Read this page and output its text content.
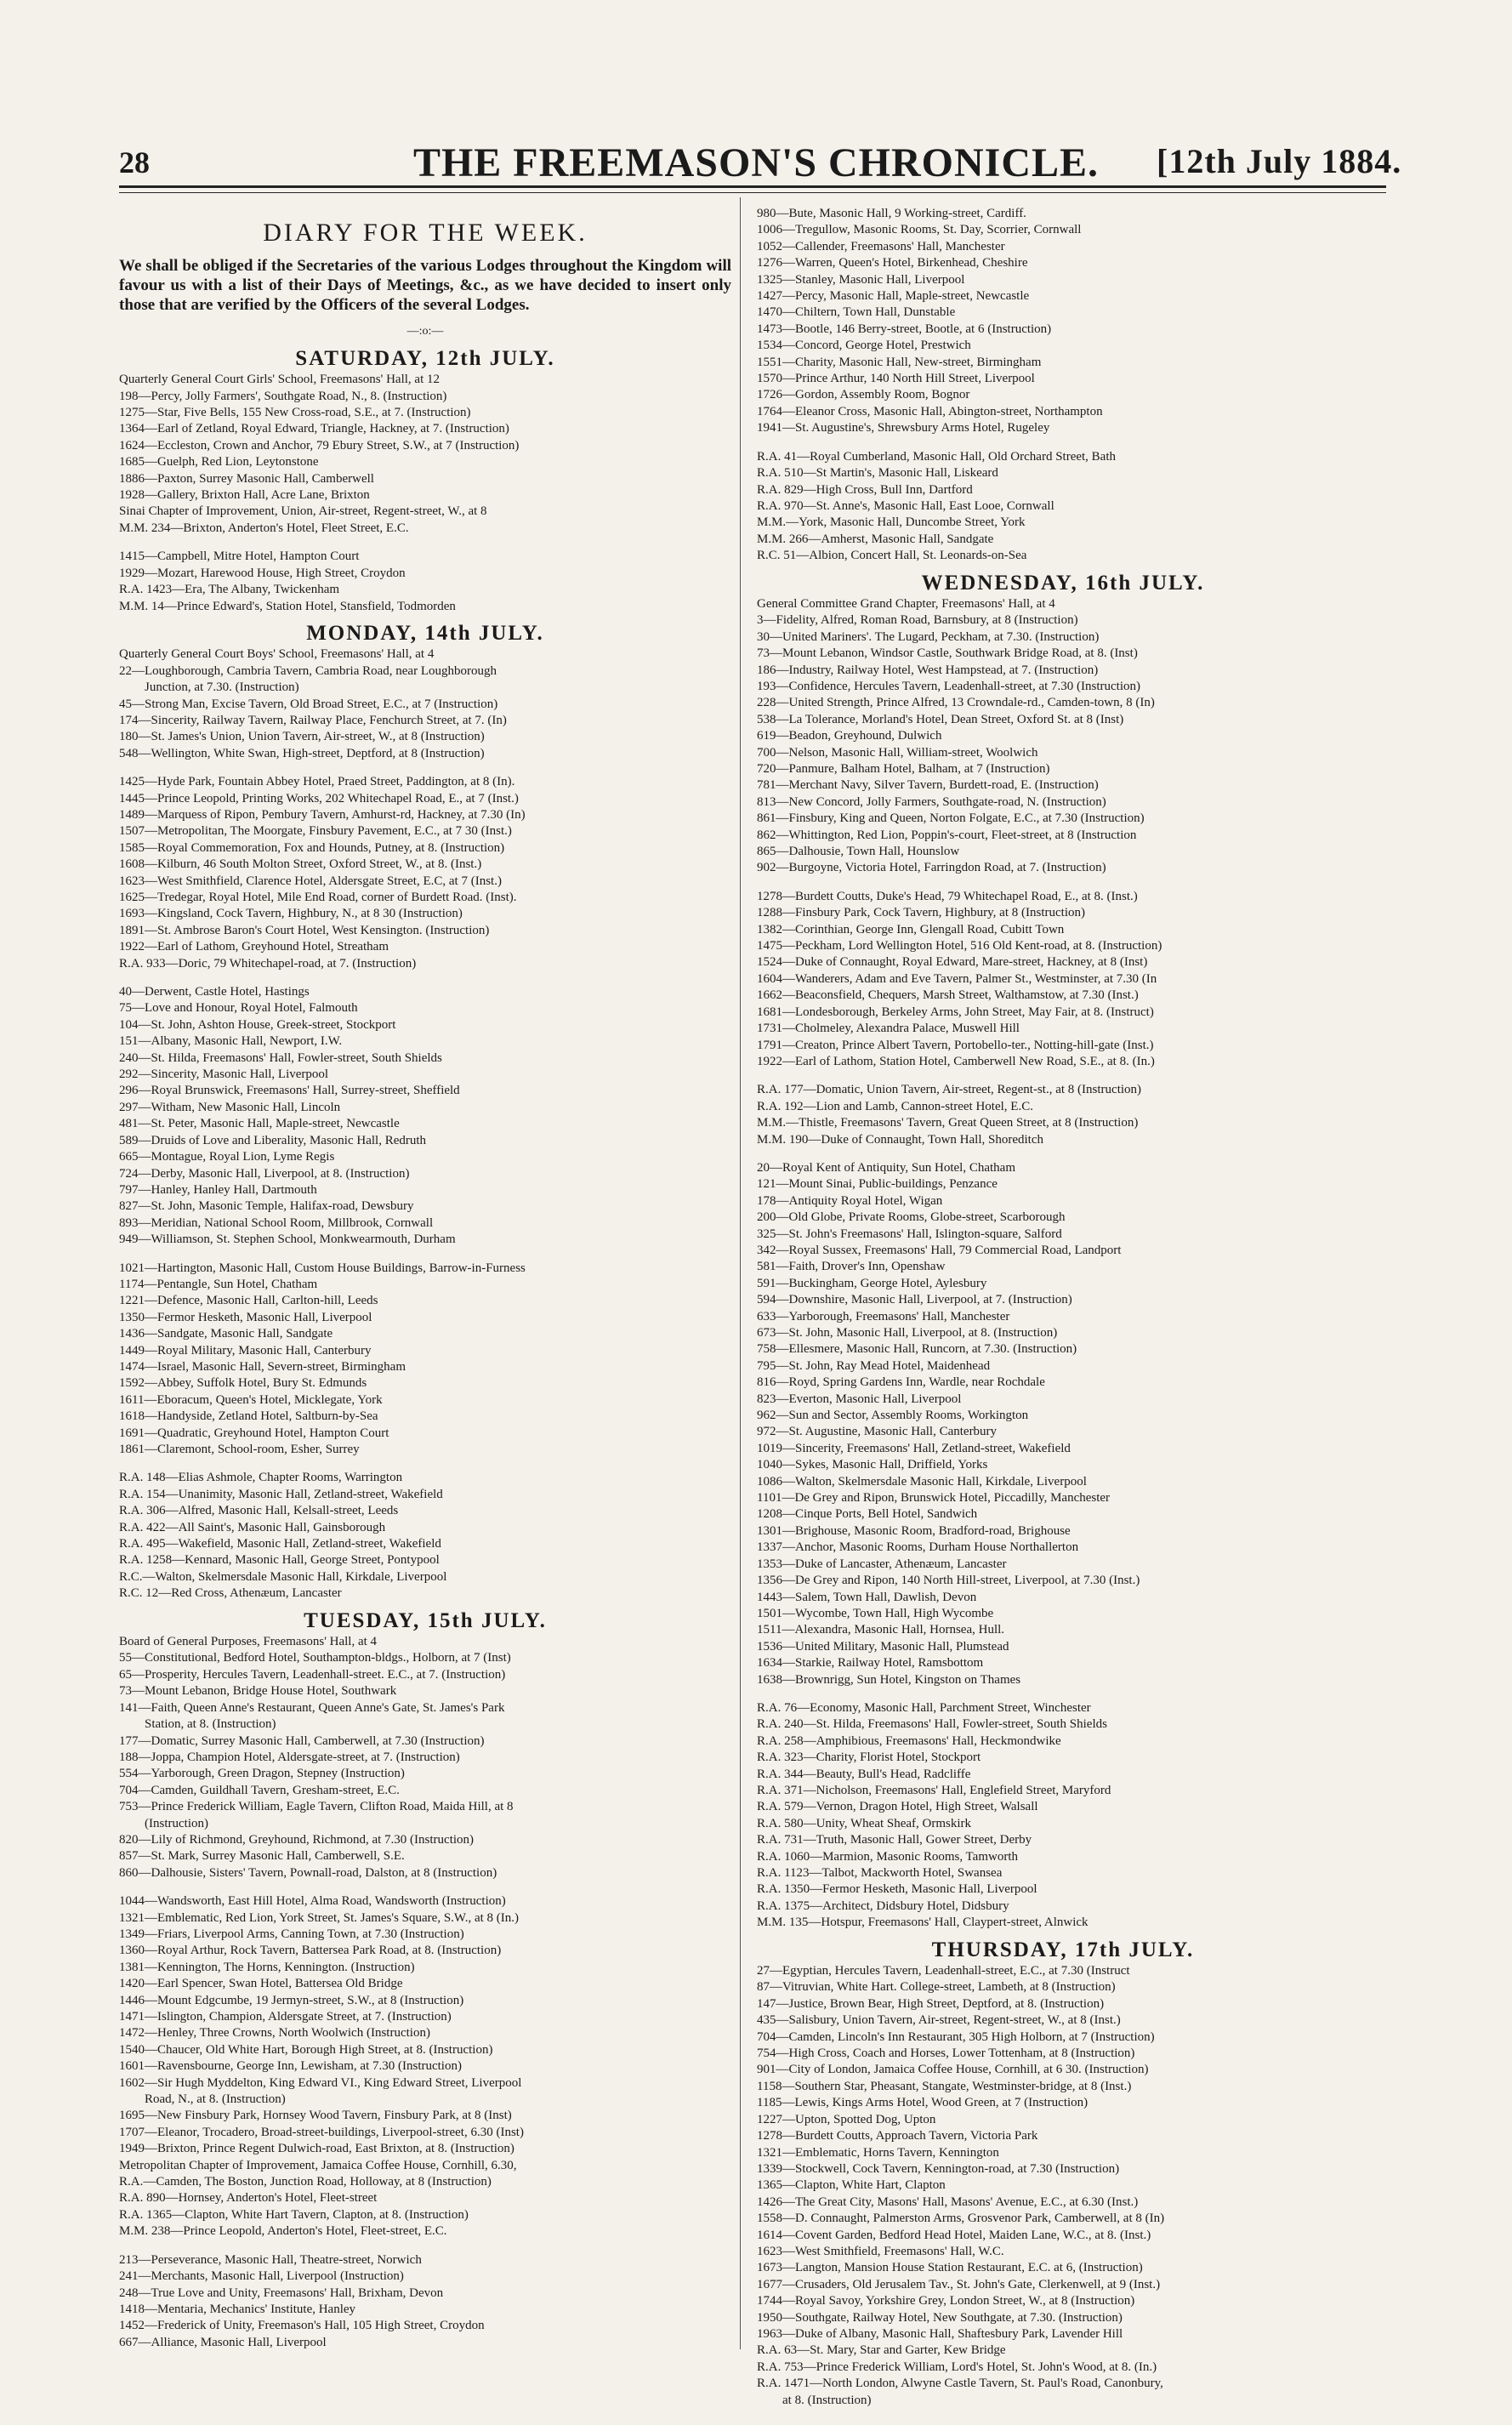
28	THE FREEMASON'S CHRONICLE.	[12th July 1884.
DIARY FOR THE WEEK.
We shall be obliged if the Secretaries of the various Lodges throughout the Kingdom will favour us with a list of their Days of Meetings, &c., as we have decided to insert only those that are verified by the Officers of the several Lodges.
—:o:—
SATURDAY, 12th JULY.
Quarterly General Court Girls' School, Freemasons' Hall, at 12
198—Percy, Jolly Farmers', Southgate Road, N., 8. (Instruction)
1275—Star, Five Bells, 155 New Cross-road, S.E., at 7. (Instruction)
1364—Earl of Zetland, Royal Edward, Triangle, Hackney, at 7. (Instruction)
1624—Eccleston, Crown and Anchor, 79 Ebury Street, S.W., at 7 (Instruction)
1685—Guelph, Red Lion, Leytonstone
1886—Paxton, Surrey Masonic Hall, Camberwell
1928—Gallery, Brixton Hall, Acre Lane, Brixton
Sinai Chapter of Improvement, Union, Air-street, Regent-street, W., at 8
M.M. 234—Brixton, Anderton's Hotel, Fleet Street, E.C.
1415—Campbell, Mitre Hotel, Hampton Court
1929—Mozart, Harewood House, High Street, Croydon
R.A. 1423—Era, The Albany, Twickenham
M.M. 14—Prince Edward's, Station Hotel, Stansfield, Todmorden
MONDAY, 14th JULY.
Quarterly General Court Boys' School, Freemasons' Hall, at 4
22—Loughborough, Cambria Tavern, Cambria Road, near Loughborough
Junction, at 7.30. (Instruction)
45—Strong Man, Excise Tavern, Old Broad Street, E.C., at 7 (Instruction)
174—Sincerity, Railway Tavern, Railway Place, Fenchurch Street, at 7. (In)
180—St. James's Union, Union Tavern, Air-street, W., at 8 (Instruction)
548—Wellington, White Swan, High-street, Deptford, at 8 (Instruction)
1425—Hyde Park, Fountain Abbey Hotel, Praed Street, Paddington, at 8 (In).
1445—Prince Leopold, Printing Works, 202 Whitechapel Road, E., at 7 (Inst.)
1489—Marquess of Ripon, Pembury Tavern, Amhurst-rd, Hackney, at 7.30 (In)
1507—Metropolitan, The Moorgate, Finsbury Pavement, E.C., at 7 30 (Inst.)
1585—Royal Commemoration, Fox and Hounds, Putney, at 8. (Instruction)
1608—Kilburn, 46 South Molton Street, Oxford Street, W., at 8. (Inst.)
1623—West Smithfield, Clarence Hotel, Aldersgate Street, E.C, at 7 (Inst.)
1625—Tredegar, Royal Hotel, Mile End Road, corner of Burdett Road. (Inst).
1693—Kingsland, Cock Tavern, Highbury, N., at 8 30 (Instruction)
1891—St. Ambrose Baron's Court Hotel, West Kensington. (Instruction)
1922—Earl of Lathom, Greyhound Hotel, Streatham
R.A. 933—Doric, 79 Whitechapel-road, at 7. (Instruction)
40—Derwent, Castle Hotel, Hastings
75—Love and Honour, Royal Hotel, Falmouth
104—St. John, Ashton House, Greek-street, Stockport
151—Albany, Masonic Hall, Newport, I.W.
240—St. Hilda, Freemasons' Hall, Fowler-street, South Shields
292—Sincerity, Masonic Hall, Liverpool
296—Royal Brunswick, Freemasons' Hall, Surrey-street, Sheffield
297—Witham, New Masonic Hall, Lincoln
481—St. Peter, Masonic Hall, Maple-street, Newcastle
589—Druids of Love and Liberality, Masonic Hall, Redruth
665—Montague, Royal Lion, Lyme Regis
724—Derby, Masonic Hall, Liverpool, at 8. (Instruction)
797—Hanley, Hanley Hall, Dartmouth
827—St. John, Masonic Temple, Halifax-road, Dewsbury
893—Meridian, National School Room, Millbrook, Cornwall
949—Williamson, St. Stephen School, Monkwearmouth, Durham
1021—Hartington, Masonic Hall, Custom House Buildings, Barrow-in-Furness
1174—Pentangle, Sun Hotel, Chatham
1221—Defence, Masonic Hall, Carlton-hill, Leeds
1350—Fermor Hesketh, Masonic Hall, Liverpool
1436—Sandgate, Masonic Hall, Sandgate
1449—Royal Military, Masonic Hall, Canterbury
1474—Israel, Masonic Hall, Severn-street, Birmingham
1592—Abbey, Suffolk Hotel, Bury St. Edmunds
1611—Eboracum, Queen's Hotel, Micklegate, York
1618—Handyside, Zetland Hotel, Saltburn-by-Sea
1691—Quadratic, Greyhound Hotel, Hampton Court
1861—Claremont, School-room, Esher, Surrey
R.A. 148—Elias Ashmole, Chapter Rooms, Warrington
R.A. 154—Unanimity, Masonic Hall, Zetland-street, Wakefield
R.A. 306—Alfred, Masonic Hall, Kelsall-street, Leeds
R.A. 422—All Saint's, Masonic Hall, Gainsborough
R.A. 495—Wakefield, Masonic Hall, Zetland-street, Wakefield
R.A. 1258—Kennard, Masonic Hall, George Street, Pontypool
R.C.—Walton, Skelmersdale Masonic Hall, Kirkdale, Liverpool
R.C. 12—Red Cross, Athenæum, Lancaster
TUESDAY, 15th JULY.
Board of General Purposes, Freemasons' Hall, at 4
55—Constitutional, Bedford Hotel, Southampton-bldgs., Holborn, at 7 (Inst)
65—Prosperity, Hercules Tavern, Leadenhall-street. E.C., at 7. (Instruction)
73—Mount Lebanon, Bridge House Hotel, Southwark
141—Faith, Queen Anne's Restaurant, Queen Anne's Gate, St. James's Park
Station, at 8. (Instruction)
177—Domatic, Surrey Masonic Hall, Camberwell, at 7.30 (Instruction)
188—Joppa, Champion Hotel, Aldersgate-street, at 7. (Instruction)
554—Yarborough, Green Dragon, Stepney (Instruction)
704—Camden, Guildhall Tavern, Gresham-street, E.C.
753—Prince Frederick William, Eagle Tavern, Clifton Road, Maida Hill, at 8
(Instruction)
820—Lily of Richmond, Greyhound, Richmond, at 7.30 (Instruction)
857—St. Mark, Surrey Masonic Hall, Camberwell, S.E.
860—Dalhousie, Sisters' Tavern, Pownall-road, Dalston, at 8 (Instruction)
1044—Wandsworth, East Hill Hotel, Alma Road, Wandsworth (Instruction)
1321—Emblematic, Red Lion, York Street, St. James's Square, S.W., at 8 (In.)
1349—Friars, Liverpool Arms, Canning Town, at 7.30 (Instruction)
1360—Royal Arthur, Rock Tavern, Battersea Park Road, at 8. (Instruction)
1381—Kennington, The Horns, Kennington. (Instruction)
1420—Earl Spencer, Swan Hotel, Battersea Old Bridge
1446—Mount Edgcumbe, 19 Jermyn-street, S.W., at 8 (Instruction)
1471—Islington, Champion, Aldersgate Street, at 7. (Instruction)
1472—Henley, Three Crowns, North Woolwich (Instruction)
1540—Chaucer, Old White Hart, Borough High Street, at 8. (Instruction)
1601—Ravensbourne, George Inn, Lewisham, at 7.30 (Instruction)
1602—Sir Hugh Myddelton, King Edward VI., King Edward Street, Liverpool
Road, N., at 8. (Instruction)
1695—New Finsbury Park, Hornsey Wood Tavern, Finsbury Park, at 8 (Inst)
1707—Eleanor, Trocadero, Broad-street-buildings, Liverpool-street, 6.30 (Inst)
1949—Brixton, Prince Regent Dulwich-road, East Brixton, at 8. (Instruction)
Metropolitan Chapter of Improvement, Jamaica Coffee House, Cornhill, 6.30,
R.A.—Camden, The Boston, Junction Road, Holloway, at 8 (Instruction)
R.A. 890—Hornsey, Anderton's Hotel, Fleet-street
R.A. 1365—Clapton, White Hart Tavern, Clapton, at 8. (Instruction)
M.M. 238—Prince Leopold, Anderton's Hotel, Fleet-street, E.C.
213—Perseverance, Masonic Hall, Theatre-street, Norwich
241—Merchants, Masonic Hall, Liverpool (Instruction)
248—True Love and Unity, Freemasons' Hall, Brixham, Devon
1418—Mentaria, Mechanics' Institute, Hanley
1452—Frederick of Unity, Freemason's Hall, 105 High Street, Croydon
667—Alliance, Masonic Hall, Liverpool
980—Bute, Masonic Hall, 9 Working-street, Cardiff.
1006—Tregullow, Masonic Rooms, St. Day, Scorrier, Cornwall
1052—Callender, Freemasons' Hall, Manchester
1276—Warren, Queen's Hotel, Birkenhead, Cheshire
1325—Stanley, Masonic Hall, Liverpool
1427—Percy, Masonic Hall, Maple-street, Newcastle
1470—Chiltern, Town Hall, Dunstable
1473—Bootle, 146 Berry-street, Bootle, at 6 (Instruction)
1534—Concord, George Hotel, Prestwich
1551—Charity, Masonic Hall, New-street, Birmingham
1570—Prince Arthur, 140 North Hill Street, Liverpool
1726—Gordon, Assembly Room, Bognor
1764—Eleanor Cross, Masonic Hall, Abington-street, Northampton
1941—St. Augustine's, Shrewsbury Arms Hotel, Rugeley
R.A. 41—Royal Cumberland, Masonic Hall, Old Orchard Street, Bath
R.A. 510—St Martin's, Masonic Hall, Liskeard
R.A. 829—High Cross, Bull Inn, Dartford
R.A. 970—St. Anne's, Masonic Hall, East Looe, Cornwall
M.M.—York, Masonic Hall, Duncombe Street, York
M.M. 266—Amherst, Masonic Hall, Sandgate
R.C. 51—Albion, Concert Hall, St. Leonards-on-Sea
WEDNESDAY, 16th JULY.
General Committee Grand Chapter, Freemasons' Hall, at 4
3—Fidelity, Alfred, Roman Road, Barnsbury, at 8 (Instruction)
30—United Mariners'. The Lugard, Peckham, at 7.30. (Instruction)
73—Mount Lebanon, Windsor Castle, Southwark Bridge Road, at 8. (Inst)
186—Industry, Railway Hotel, West Hampstead, at 7. (Instruction)
193—Confidence, Hercules Tavern, Leadenhall-street, at 7.30 (Instruction)
228—United Strength, Prince Alfred, 13 Crowndale-rd., Camden-town, 8 (In)
538—La Tolerance, Morland's Hotel, Dean Street, Oxford St. at 8 (Inst)
619—Beadon, Greyhound, Dulwich
700—Nelson, Masonic Hall, William-street, Woolwich
720—Panmure, Balham Hotel, Balham, at 7 (Instruction)
781—Merchant Navy, Silver Tavern, Burdett-road, E. (Instruction)
813—New Concord, Jolly Farmers, Southgate-road, N. (Instruction)
861—Finsbury, King and Queen, Norton Folgate, E.C., at 7.30 (Instruction)
862—Whittington, Red Lion, Poppin's-court, Fleet-street, at 8 (Instruction
865—Dalhousie, Town Hall, Hounslow
902—Burgoyne, Victoria Hotel, Farringdon Road, at 7. (Instruction)
1278—Burdett Coutts, Duke's Head, 79 Whitechapel Road, E., at 8. (Inst.)
1288—Finsbury Park, Cock Tavern, Highbury, at 8 (Instruction)
1382—Corinthian, George Inn, Glengall Road, Cubitt Town
1475—Peckham, Lord Wellington Hotel, 516 Old Kent-road, at 8. (Instruction)
1524—Duke of Connaught, Royal Edward, Mare-street, Hackney, at 8 (Inst)
1604—Wanderers, Adam and Eve Tavern, Palmer St., Westminster, at 7.30 (In
1662—Beaconsfield, Chequers, Marsh Street, Walthamstow, at 7.30 (Inst.)
1681—Londesborough, Berkeley Arms, John Street, May Fair, at 8. (Instruct)
1731—Cholmeley, Alexandra Palace, Muswell Hill
1791—Creaton, Prince Albert Tavern, Portobello-ter., Notting-hill-gate (Inst.)
1922—Earl of Lathom, Station Hotel, Camberwell New Road, S.E., at 8. (In.)
R.A. 177—Domatic, Union Tavern, Air-street, Regent-st., at 8 (Instruction)
R.A. 192—Lion and Lamb, Cannon-street Hotel, E.C.
M.M.—Thistle, Freemasons' Tavern, Great Queen Street, at 8 (Instruction)
M.M. 190—Duke of Connaught, Town Hall, Shoreditch
20—Royal Kent of Antiquity, Sun Hotel, Chatham
121—Mount Sinai, Public-buildings, Penzance
178—Antiquity Royal Hotel, Wigan
200—Old Globe, Private Rooms, Globe-street, Scarborough
325—St. John's Freemasons' Hall, Islington-square, Salford
342—Royal Sussex, Freemasons' Hall, 79 Commercial Road, Landport
581—Faith, Drover's Inn, Openshaw
591—Buckingham, George Hotel, Aylesbury
594—Downshire, Masonic Hall, Liverpool, at 7. (Instruction)
633—Yarborough, Freemasons' Hall, Manchester
673—St. John, Masonic Hall, Liverpool, at 8. (Instruction)
758—Ellesmere, Masonic Hall, Runcorn, at 7.30. (Instruction)
795—St. John, Ray Mead Hotel, Maidenhead
816—Royd, Spring Gardens Inn, Wardle, near Rochdale
823—Everton, Masonic Hall, Liverpool
962—Sun and Sector, Assembly Rooms, Workington
972—St. Augustine, Masonic Hall, Canterbury
1019—Sincerity, Freemasons' Hall, Zetland-street, Wakefield
1040—Sykes, Masonic Hall, Driffield, Yorks
1086—Walton, Skelmersdale Masonic Hall, Kirkdale, Liverpool
1101—De Grey and Ripon, Brunswick Hotel, Piccadilly, Manchester
1208—Cinque Ports, Bell Hotel, Sandwich
1301—Brighouse, Masonic Room, Bradford-road, Brighouse
1337—Anchor, Masonic Rooms, Durham House Northallerton
1353—Duke of Lancaster, Athenæum, Lancaster
1356—De Grey and Ripon, 140 North Hill-street, Liverpool, at 7.30 (Inst.)
1443—Salem, Town Hall, Dawlish, Devon
1501—Wycombe, Town Hall, High Wycombe
1511—Alexandra, Masonic Hall, Hornsea, Hull.
1536—United Military, Masonic Hall, Plumstead
1634—Starkie, Railway Hotel, Ramsbottom
1638—Brownrigg, Sun Hotel, Kingston on Thames
R.A. 76—Economy, Masonic Hall, Parchment Street, Winchester
R.A. 240—St. Hilda, Freemasons' Hall, Fowler-street, South Shields
R.A. 258—Amphibious, Freemasons' Hall, Heckmondwike
R.A. 323—Charity, Florist Hotel, Stockport
R.A. 344—Beauty, Bull's Head, Radcliffe
R.A. 371—Nicholson, Freemasons' Hall, Englefield Street, Maryford
R.A. 579—Vernon, Dragon Hotel, High Street, Walsall
R.A. 580—Unity, Wheat Sheaf, Ormskirk
R.A. 731—Truth, Masonic Hall, Gower Street, Derby
R.A. 1060—Marmion, Masonic Rooms, Tamworth
R.A. 1123—Talbot, Mackworth Hotel, Swansea
R.A. 1350—Fermor Hesketh, Masonic Hall, Liverpool
R.A. 1375—Architect, Didsbury Hotel, Didsbury
M.M. 135—Hotspur, Freemasons' Hall, Claypert-street, Alnwick
THURSDAY, 17th JULY.
27—Egyptian, Hercules Tavern, Leadenhall-street, E.C., at 7.30 (Instruct
87—Vitruvian, White Hart. College-street, Lambeth, at 8 (Instruction)
147—Justice, Brown Bear, High Street, Deptford, at 8. (Instruction)
435—Salisbury, Union Tavern, Air-street, Regent-street, W., at 8 (Inst.)
704—Camden, Lincoln's Inn Restaurant, 305 High Holborn, at 7 (Instruction)
754—High Cross, Coach and Horses, Lower Tottenham, at 8 (Instruction)
901—City of London, Jamaica Coffee House, Cornhill, at 6 30. (Instruction)
1158—Southern Star, Pheasant, Stangate, Westminster-bridge, at 8 (Inst.)
1185—Lewis, Kings Arms Hotel, Wood Green, at 7 (Instruction)
1227—Upton, Spotted Dog, Upton
1278—Burdett Coutts, Approach Tavern, Victoria Park
1321—Emblematic, Horns Tavern, Kennington
1339—Stockwell, Cock Tavern, Kennington-road, at 7.30 (Instruction)
1365—Clapton, White Hart, Clapton
1426—The Great City, Masons' Hall, Masons' Avenue, E.C., at 6.30 (Inst.)
1558—D. Connaught, Palmerston Arms, Grosvenor Park, Camberwell, at 8 (In)
1614—Covent Garden, Bedford Head Hotel, Maiden Lane, W.C., at 8. (Inst.)
1623—West Smithfield, Freemasons' Hall, W.C.
1673—Langton, Mansion House Station Restaurant, E.C. at 6, (Instruction)
1677—Crusaders, Old Jerusalem Tav., St. John's Gate, Clerkenwell, at 9 (Inst.)
1744—Royal Savoy, Yorkshire Grey, London Street, W., at 8 (Instruction)
1950—Southgate, Railway Hotel, New Southgate, at 7.30. (Instruction)
1963—Duke of Albany, Masonic Hall, Shaftesbury Park, Lavender Hill
R.A. 63—St. Mary, Star and Garter, Kew Bridge
R.A. 753—Prince Frederick William, Lord's Hotel, St. John's Wood, at 8. (In.)
R.A. 1471—North London, Alwyne Castle Tavern, St. Paul's Road, Canonbury,
at 8. (Instruction)
